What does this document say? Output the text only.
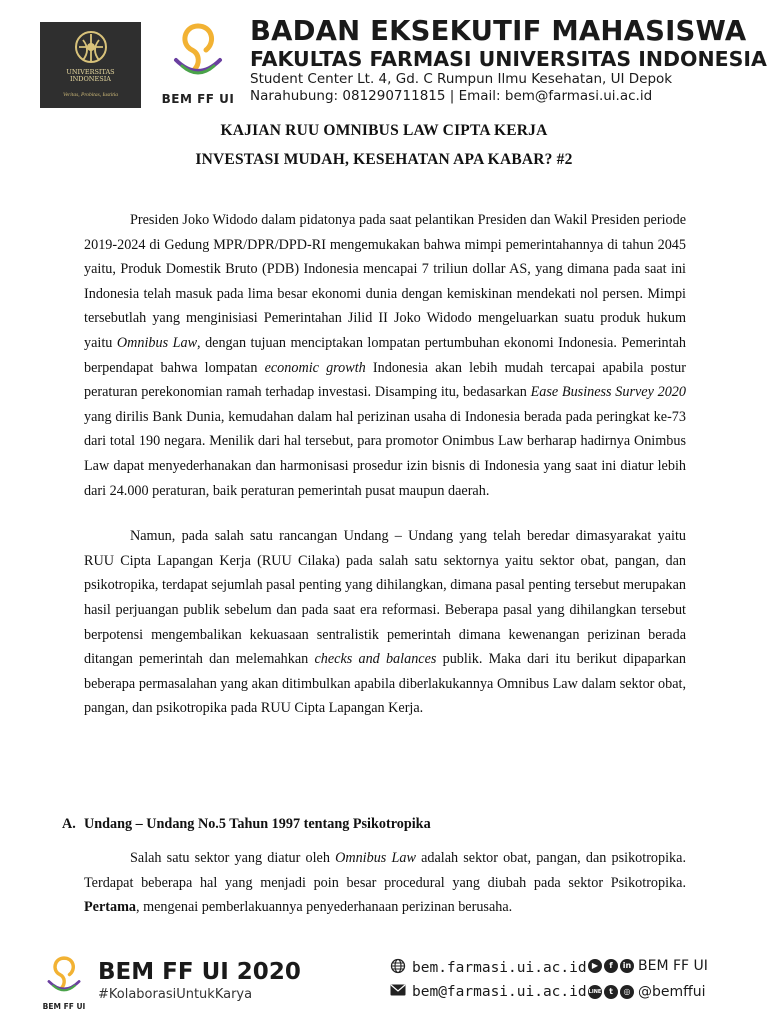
UNIVERSITAS
INDONESIA
Veritas, Probitas, Iustitia	BEM FF UI
BADAN EKSEKUTIF MAHASISWA
FAKULTAS FARMASI UNIVERSITAS INDONESIA
Student Center Lt. 4, Gd. C Rumpun Ilmu Kesehatan, UI Depok
Narahubung: 081290711815 | Email: bem@farmasi.ui.ac.id
KAJIAN RUU OMNIBUS LAW CIPTA KERJA
INVESTASI MUDAH, KESEHATAN APA KABAR? #2

Presiden Joko Widodo dalam pidatonya pada saat pelantikan Presiden dan Wakil Presiden periode 2019-2024 di Gedung MPR/DPR/DPD-RI mengemukakan bahwa mimpi pemerintahannya di tahun 2045 yaitu, Produk Domestik Bruto (PDB) Indonesia mencapai 7 triliun dollar AS, yang dimana pada saat ini Indonesia telah masuk pada lima besar ekonomi dunia dengan kemiskinan mendekati nol persen. Mimpi tersebutlah yang menginisiasi Pemerintahan Jilid II Joko Widodo mengeluarkan suatu produk hukum yaitu Omnibus Law, dengan tujuan menciptakan lompatan pertumbuhan ekonomi Indonesia. Pemerintah berpendapat bahwa lompatan economic growth Indonesia akan lebih mudah tercapai apabila postur peraturan perekonomian ramah terhadap investasi. Disamping itu, bedasarkan Ease Business Survey 2020 yang dirilis Bank Dunia, kemudahan dalam hal perizinan usaha di Indonesia berada pada peringkat ke-73 dari total 190 negara. Menilik dari hal tersebut, para promotor Onimbus Law berharap hadirnya Onimbus Law dapat menyederhanakan dan harmonisasi prosedur izin bisnis di Indonesia yang saat ini diatur lebih dari 24.000 peraturan, baik peraturan pemerintah pusat maupun daerah.

Namun, pada salah satu rancangan Undang – Undang yang telah beredar dimasyarakat yaitu RUU Cipta Lapangan Kerja (RUU Cilaka) pada salah satu sektornya yaitu sektor obat, pangan, dan psikotropika, terdapat sejumlah pasal penting yang dihilangkan, dimana pasal penting tersebut merupakan hasil perjuangan publik sebelum dan pada saat era reformasi. Beberapa pasal yang dihilangkan tersebut berpotensi mengembalikan kekuasaan sentralistik pemerintah dimana kewenangan perizinan berada ditangan pemerintah dan melemahkan checks and balances publik. Maka dari itu berikut dipaparkan beberapa permasalahan yang akan ditimbulkan apabila diberlakukannya Omnibus Law dalam sektor obat, pangan, dan psikotropika pada RUU Cipta Lapangan Kerja.

A. Undang – Undang No.5 Tahun 1997 tentang Psikotropika

Salah satu sektor yang diatur oleh Omnibus Law adalah sektor obat, pangan, dan psikotropika. Terdapat beberapa hal yang menjadi poin besar procedural yang diubah pada sektor Psikotropika. Pertama, mengenai pemberlakuannya penyederhanaan perizinan berusaha.

BEM FF UI
BEM FF UI 2020
#KolaborasiUntukKarya
bem.farmasi.ui.ac.id
bem@farmasi.ui.ac.id
▶	f	in BEM FF UI
LINE t	◎ @bemffui
